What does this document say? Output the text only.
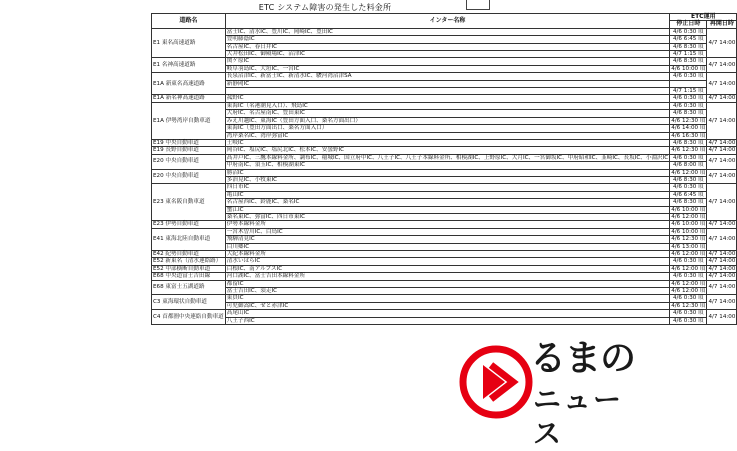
ETC システム障害の発生した料金所
道路名	インター名称	ETC運用	
		停止日時	再開日時
E1 東名高速道路	富士IC、清水IC、豊川IC、岡崎IC、豊田IC	4/6 0:30 頃	4/7 14:00
	豊明藤蔭IC	4/6 6:45 頃	
	名古屋IC、春日井IC	4/6 8:30 頃	
	大井松田IC、御殿場IC、沼津IC	4/7 1:15 頃	
E1 名神高速道路	関ケ原IC	4/6 8:30 頃	4/7 14:00
	岐阜羽島IC、大垣IC、一宮IC	4/6 10:00 頃	
E1A 新東名高速道路	長泉沼津IC、新富士IC、新清水IC、駿河湾沼津SA	4/6 0:30 頃	4/7 14:00
	新静岡IC		
		4/7 1:15 頃	
E1A 新名神高速道路	菰野IC	4/6 0:30 頃	4/7 14:00
E1A 伊勢湾岸自動車道	東海IC（名港潮見入口）、飛島IC	4/6 0:30 頃	4/7 14:00
	大府IC、名古屋南IC、豊田東IC	4/6 8:30 頃	
	みえ川越IC、東海IC（豊田方面入口、桑名方面出口）	4/6 12:30 頃	
	東海IC（豊田方面出口、桑名方面入口）	4/6 14:00 頃	
	湾岸桑名IC、湾岸弥富IC	4/6 16:30 頃	
E19 中央自動車道	土岐IC	4/6 8:30 頃	4/7 14:00
E19 長野自動車道	岡谷IC、塩尻IC、塩尻北IC、松本IC、安曇野IC	4/6 12:30 頃	4/7 14:00
E20 中央自動車道	高井戸IC、三鷹本線料金所、調布IC、稲城IC、国立府中IC、八王子IC、八王子本線料金所、相模湖IC、上野原IC、大月IC、一宮御坂IC、甲府昭和IC、韮崎IC、長坂IC、小淵沢IC	4/6 0:30 頃	4/7 14:00
	甲府南IC、須玉IC、相模湖東IC	4/6 8:00 頃	
E20 中央自動車道	勝沼IC	4/6 12:00 頃	4/7 14:00
	多治見IC、小牧東IC	4/6 8:30 頃	
E23 東名阪自動車道	四日市IC	4/6 0:30 頃	4/7 14:00
	亀山IC	4/6 6:45 頃	
	名古屋西IC、鈴鹿IC、桑名IC	4/6 8:30 頃	
	蟹江IC	4/6 10:00 頃	
	桑名東IC、弥富IC、四日市東IC	4/6 12:00 頃	
E23 伊勢自動車道	伊勢本線料金所	4/6 10:00 頃	4/7 14:00
E41 東海北陸自動車道	一宮木曽川IC、白鳥IC	4/6 10:00 頃	4/7 14:00
	飛騨清見IC	4/6 12:30 頃	
	白川郷IC	4/6 13:00 頃	
E42 紀勢自動車道	大紀本線料金所	4/6 12:00 頃	4/7 14:00
E52 新東名（清水連絡路）	清水いはらIC	4/6 0:30 頃	4/7 14:00
E52 中部横断自動車道	白根IC、南アルプスIC	4/6 12:00 頃	4/7 14:00
E68 中央道富士吉田線	河口湖IC、富士吉田本線料金所	4/6 0:30 頃	4/7 14:00
E68 東富士五湖道路	都留IC	4/6 12:00 頃	4/7 14:00
	富士吉田IC、須走IC	4/6 12:00 頃	
C3 東海環状自動車道	東員IC	4/6 0:30 頃	4/7 14:00
	可児御嵩IC、せと赤津IC	4/6 12:30 頃	
C4 首都圏中央連絡自動車道	高尾山IC	4/6 0:30 頃	4/7 14:00
	八王子西IC	4/6 0:30 頃	
るまの
ニュース
